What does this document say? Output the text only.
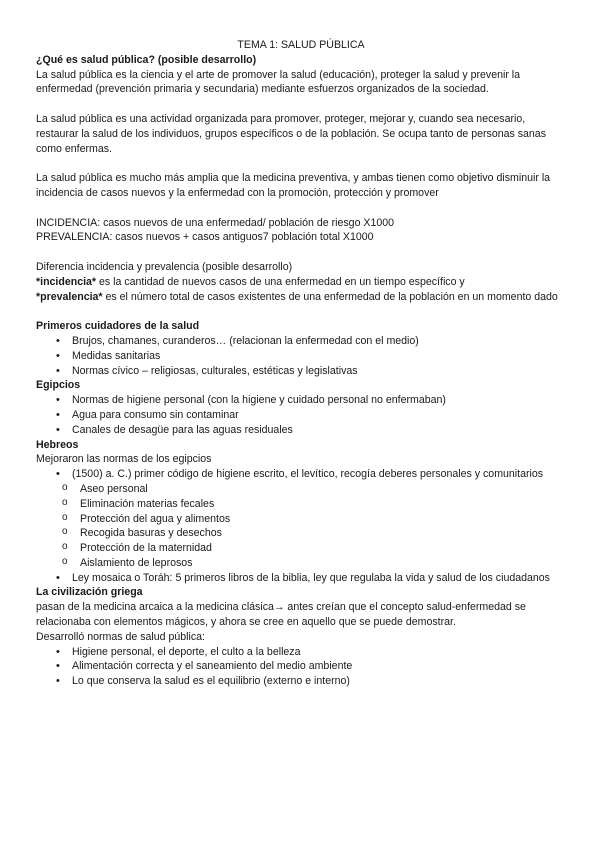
TEMA 1: SALUD PÚBLICA

¿Qué es salud pública? (posible desarrollo)

La salud pública es la ciencia y el arte de promover la salud (educación), proteger la salud y prevenir la enfermedad (prevención primaria y secundaria) mediante esfuerzos organizados de la sociedad.

La salud pública es una actividad organizada para promover, proteger, mejorar y, cuando sea necesario, restaurar la salud de los individuos, grupos específicos o de la población. Se ocupa tanto de personas sanas como enfermas.

La salud pública es mucho más amplia que la medicina preventiva, y ambas tienen como objetivo disminuir la incidencia de casos nuevos y la enfermedad con la promoción, protección y promover

INCIDENCIA: casos nuevos de una enfermedad/ población de riesgo X1000

PREVALENCIA: casos nuevos + casos antiguos7 población total X1000

Diferencia incidencia y prevalencia (posible desarrollo)

*incidencia* es la cantidad de nuevos casos de una enfermedad en un tiempo específico y

*prevalencia* es el número total de casos existentes de una enfermedad de la población en un momento dado

Primeros cuidadores de la salud

• Brujos, chamanes, curanderos… (relacionan la enfermedad con el medio)
• Medidas sanitarias
• Normas cívico – religiosas, culturales, estéticas y legislativas

Egipcios

• Normas de higiene personal (con la higiene y cuidado personal no enfermaban)
• Agua para consumo sin contaminar
• Canales de desagüe para las aguas residuales

Hebreos

Mejoraron las normas de los egipcios

• (1500) a. C.) primer código de higiene escrito, el levítico, recogía deberes personales y comunitarios
o Aseo personal
o Eliminación materias fecales
o Protección del agua y alimentos
o Recogida basuras y desechos
o Protección de la maternidad
o Aislamiento de leprosos
• Ley mosaica o Toráh: 5 primeros libros de la biblia, ley que regulaba la vida y salud de los ciudadanos

La civilización griega

pasan de la medicina arcaica a la medicina clásica→ antes creían que el concepto salud-enfermedad se relacionaba con elementos mágicos, y ahora se cree en aquello que se puede demostrar.

Desarrolló normas de salud pública:

• Higiene personal, el deporte, el culto a la belleza
• Alimentación correcta y el saneamiento del medio ambiente
• Lo que conserva la salud es el equilibrio (externo e interno)
